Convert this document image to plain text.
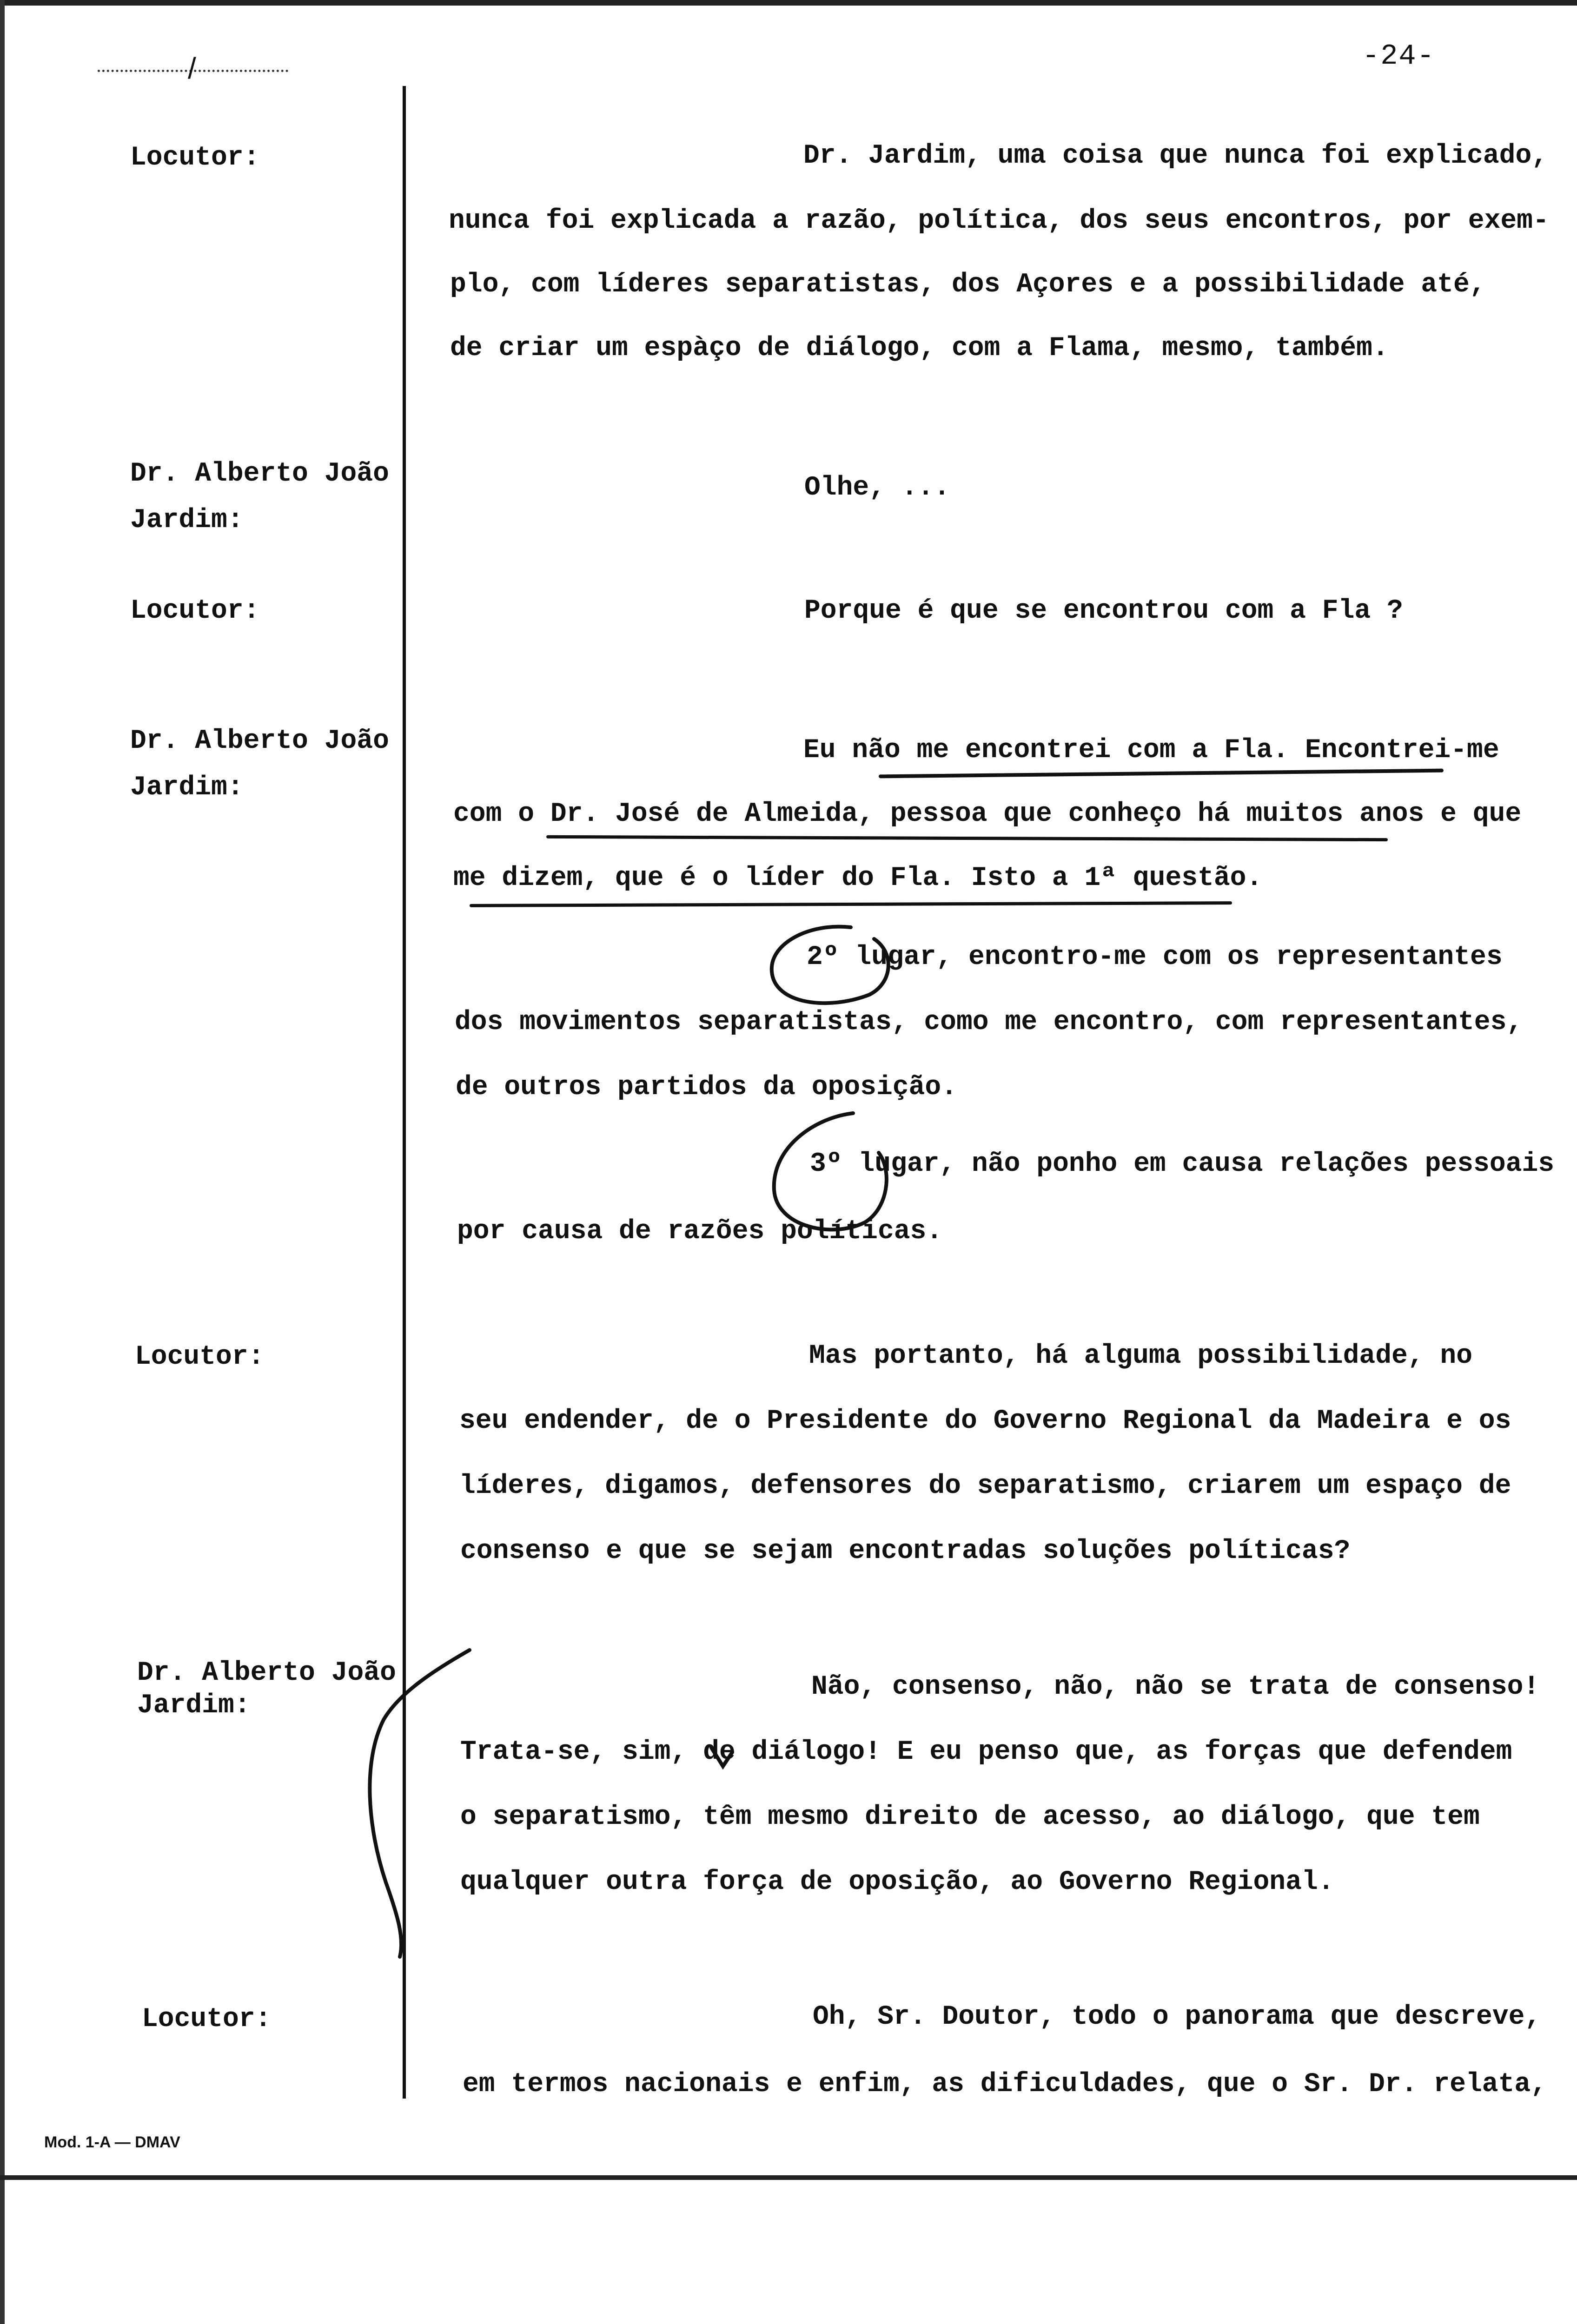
/	-24-
Locutor:
Dr. Alberto João
Jardim:
Locutor:
Dr. Alberto João
Jardim:
Locutor:
Dr. Alberto João
Jardim:
Locutor:
Dr. Jardim, uma coisa que nunca foi explicado,
nunca foi explicada a razão, política, dos seus encontros, por exem-
plo, com líderes separatistas, dos Açores e a possibilidade até,
de criar um espàço de diálogo, com a Flama, mesmo, também.
Olhe, ...
Porque é que se encontrou com a Fla ?
Eu não me encontrei com a Fla. Encontrei-me
com o Dr. José de Almeida, pessoa que conheço há muitos anos e que
me dizem, que é o líder do Fla. Isto a 1ª questão.
2º lugar, encontro-me com os representantes
dos movimentos separatistas, como me encontro, com representantes,
de outros partidos da oposição.
3º lugar, não ponho em causa relações pessoais
por causa de razões políticas.
Mas portanto, há alguma possibilidade, no
seu endender, de o Presidente do Governo Regional da Madeira e os
líderes, digamos, defensores do separatismo, criarem um espaço de
consenso e que se sejam encontradas soluções políticas?
Não, consenso, não, não se trata de consenso!
Trata-se, sim, de diálogo! E eu penso que, as forças que defendem
o separatismo, têm mesmo direito de acesso, ao diálogo, que tem
qualquer outra força de oposição, ao Governo Regional.
Oh, Sr. Doutor, todo o panorama que descreve,
em termos nacionais e enfim, as dificuldades, que o Sr. Dr. relata,
Mod. 1-A — DMAV
